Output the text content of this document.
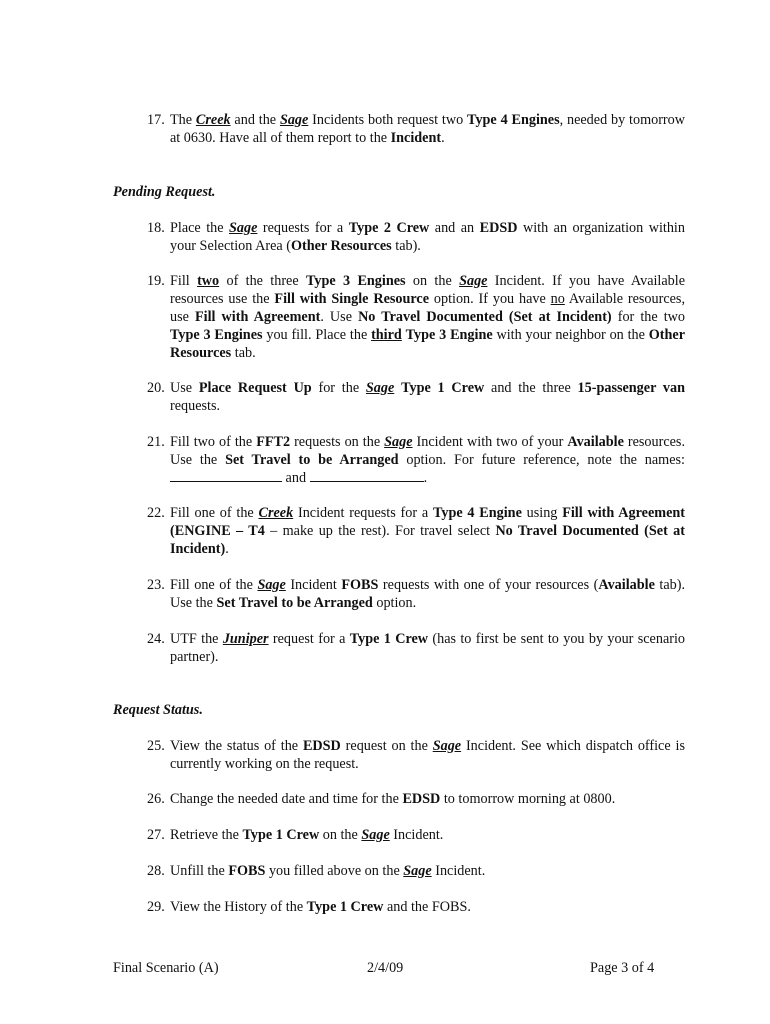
17. The Creek and the Sage Incidents both request two Type 4 Engines, needed by tomorrow at 0630. Have all of them report to the Incident.
Pending Request.
18. Place the Sage requests for a Type 2 Crew and an EDSD with an organization within your Selection Area (Other Resources tab).
19. Fill two of the three Type 3 Engines on the Sage Incident. If you have Available resources use the Fill with Single Resource option. If you have no Available resources, use Fill with Agreement. Use No Travel Documented (Set at Incident) for the two Type 3 Engines you fill. Place the third Type 3 Engine with your neighbor on the Other Resources tab.
20. Use Place Request Up for the Sage Type 1 Crew and the three 15-passenger van requests.
21. Fill two of the FFT2 requests on the Sage Incident with two of your Available resources. Use the Set Travel to be Arranged option. For future reference, note the names:  and	.
22. Fill one of the Creek Incident requests for a Type 4 Engine using Fill with Agreement (ENGINE – T4 – make up the rest). For travel select No Travel Documented (Set at Incident).
23. Fill one of the Sage Incident FOBS requests with one of your resources (Available tab). Use the Set Travel to be Arranged option.
24. UTF the Juniper request for a Type 1 Crew (has to first be sent to you by your scenario partner).
Request Status.
25. View the status of the EDSD request on the Sage Incident. See which dispatch office is currently working on the request.
26. Change the needed date and time for the EDSD to tomorrow morning at 0800.
27. Retrieve the Type 1 Crew on the Sage Incident.
28. Unfill the FOBS you filled above on the Sage Incident.
29. View the History of the Type 1 Crew and the FOBS.
Final Scenario (A)	2/4/09	Page 3 of 4
